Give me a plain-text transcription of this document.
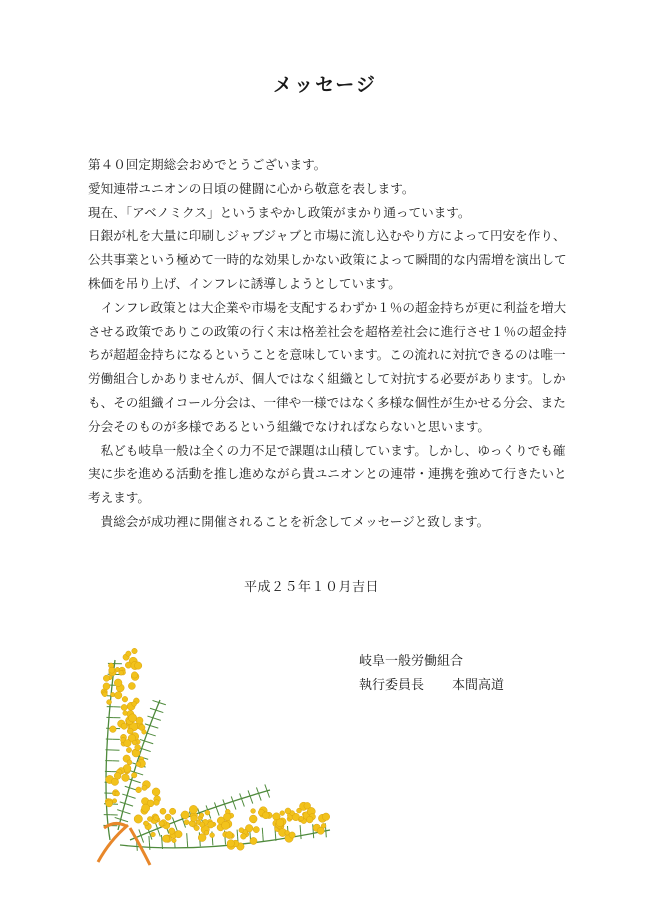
メッセージ

第４０回定期総会おめでとうございます。

愛知連帯ユニオンの日頃の健闘に心から敬意を表します。

現在、「アベノミクス」というまやかし政策がまかり通っています。

日銀が札を大量に印刷しジャブジャブと市場に流し込むやり方によって円安を作り、公共事業という極めて一時的な効果しかない政策によって瞬間的な内需増を演出して株価を吊り上げ、インフレに誘導しようとしています。

インフレ政策とは大企業や市場を支配するわずか１％の超金持ちが更に利益を増大させる政策でありこの政策の行く末は格差社会を超格差社会に進行させ１％の超金持ちが超超金持ちになるということを意味しています。この流れに対抗できるのは唯一労働組合しかありませんが、個人ではなく組織として対抗する必要があります。しかも、その組織イコール分会は、一律や一様ではなく多様な個性が生かせる分会、また分会そのものが多様であるという組織でなければならないと思います。

私ども岐阜一般は全くの力不足で課題は山積しています。しかし、ゆっくりでも確実に歩を進める活動を推し進めながら貴ユニオンとの連帯・連携を強めて行きたいと考えます。

貴総会が成功裡に開催されることを祈念してメッセージと致します。

平成２５年１０月吉日
岐阜一般労働組合
執行委員長 本間高道
